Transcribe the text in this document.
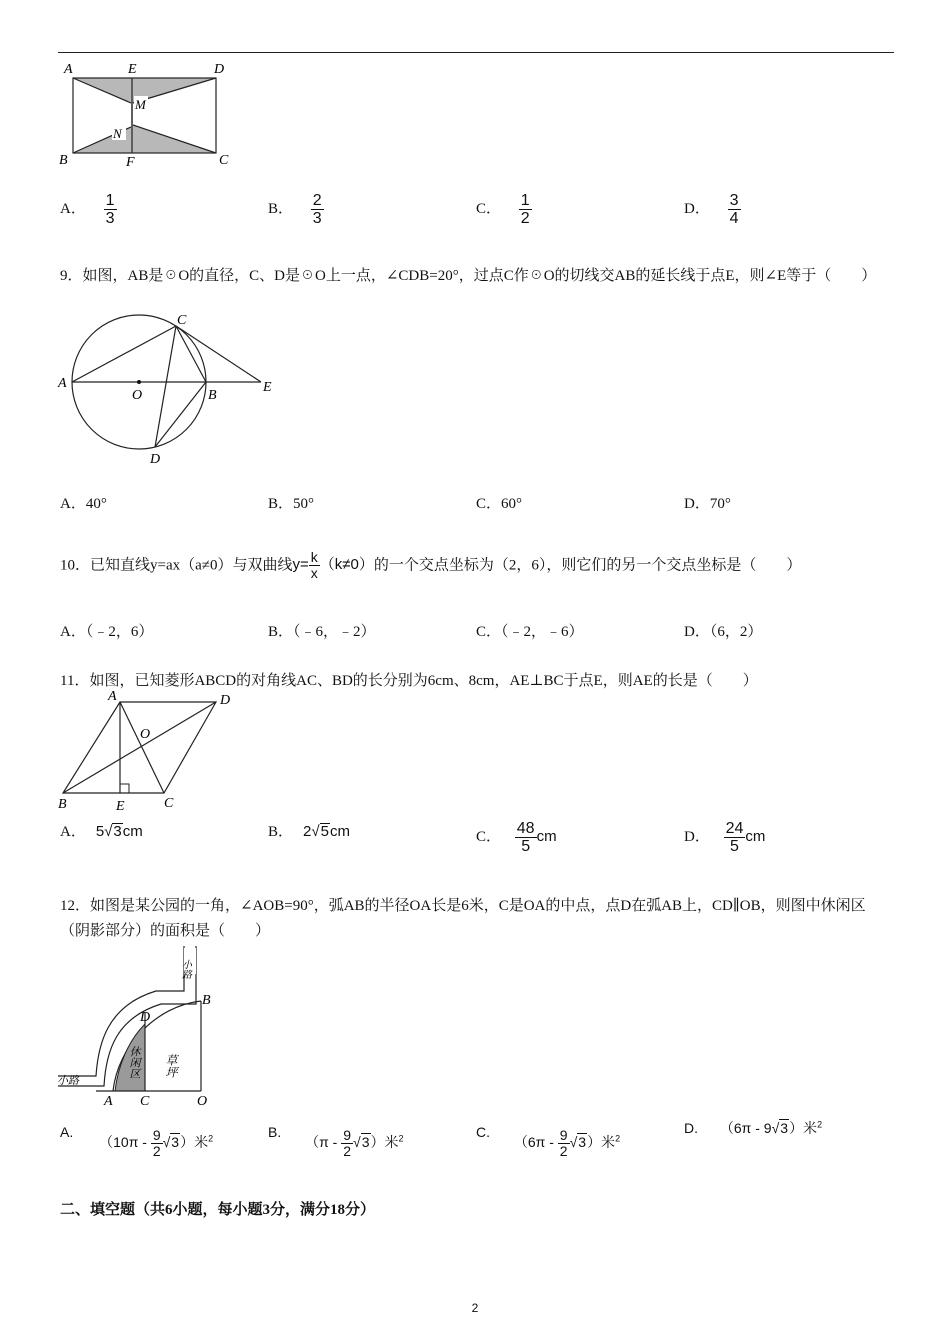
A	E	D
M
N
B	F	C
A． $\frac{1}{3}$	B． $\frac{2}{3}$	C． $\frac{1}{2}$	D． $\frac{3}{4}$
9．如图，AB是☉O的直径，C、D是☉O上一点，∠CDB=20°，过点C作☉O的切线交AB的延长线于点E，则∠E等于（　　）
A
O	B
E
C
D
A．40°	B．50°	C．60°	D．70°
10．已知直线y=ax（a≠0）与双曲线$y= \frac{k}{x} (k\ne 0)$的一个交点坐标为（2，6），则它们的另一个交点坐标是（　　）
A．（﹣2，6）	B．（﹣6，﹣2）	C．（﹣2，﹣6）	D．（6，2）
11．如图，已知菱形ABCD的对角线AC、BD的长分别为6cm、8cm，AE⊥BC于点E，则AE的长是（　　）
A	D
O
B	E	C
A． 5√3cm	B． 2√5cm	C． $\frac{48}{5}$ cm	D． $\frac{24}{5}$ cm
12．如图是某公园的一角，∠AOB=90°，弧AB的半径OA长是6米，C是OA的中点，点D在弧AB上，CD∥OB，则图中休闲区（阴影部分）的面积是（　　）
小路
小路
休闲区 草坪
A C	O
B
D
A. $(10\pi - \frac{9}{2} √3)$米$^2$	B. $(\pi - \frac{9}{2} √3)$米$^2$	C. $(6\pi - \frac{9}{2} √3)$米$^2$
D. （6π - 9√3）米$^2$
二、填空题（共6小题，每小题3分，满分18分）
2
